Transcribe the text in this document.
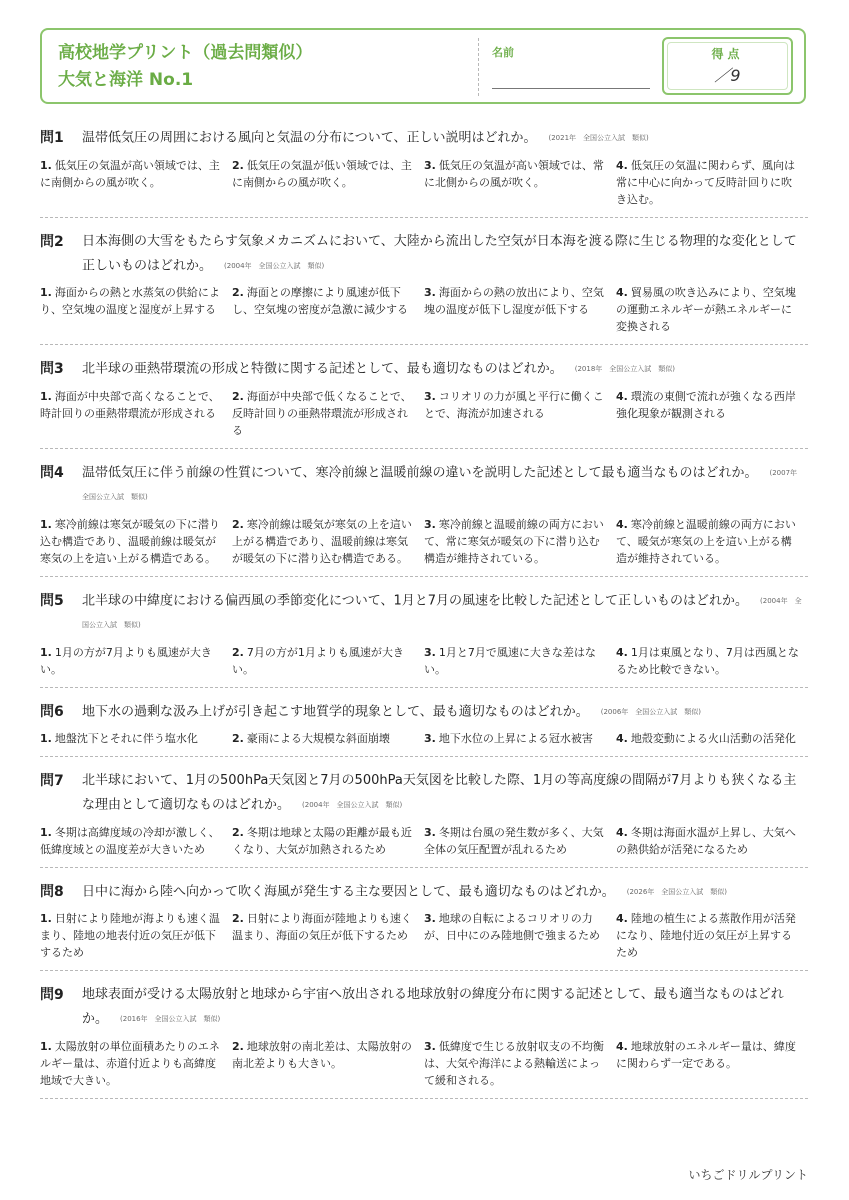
高校地学プリント（過去問類似）
大気と海洋 No.1
名前	得点
／9
問1	温帯低気圧の周囲における風向と気温の分布について、正しい説明はどれか。 (2021年　全国公立入試　類似)
1. 低気圧の気温が高い領域では、主に南側からの風が吹く。
2. 低気圧の気温が低い領域では、主に南側からの風が吹く。
3. 低気圧の気温が高い領域では、常に北側からの風が吹く。
4. 低気圧の気温に関わらず、風向は常に中心に向かって反時計回りに吹き込む。
問2	日本海側の大雪をもたらす気象メカニズムにおいて、大陸から流出した空気が日本海を渡る際に生じる物理的な変化として正しいものはどれか。 (2004年　全国公立入試　類似)
1. 海面からの熱と水蒸気の供給により、空気塊の温度と湿度が上昇する
2. 海面との摩擦により風速が低下し、空気塊の密度が急激に減少する
3. 海面からの熱の放出により、空気塊の温度が低下し湿度が低下する
4. 貿易風の吹き込みにより、空気塊の運動エネルギーが熱エネルギーに変換される
問3	北半球の亜熱帯環流の形成と特徴に関する記述として、最も適切なものはどれか。 (2018年　全国公立入試　類似)
1. 海面が中央部で高くなることで、時計回りの亜熱帯環流が形成される
2. 海面が中央部で低くなることで、反時計回りの亜熱帯環流が形成される
3. コリオリの力が風と平行に働くことで、海流が加速される
4. 環流の東側で流れが強くなる西岸強化現象が観測される
問4	温帯低気圧に伴う前線の性質について、寒冷前線と温暖前線の違いを説明した記述として最も適当なものはどれか。 (2007年　全国公立入試　類似)
1. 寒冷前線は寒気が暖気の下に潜り込む構造であり、温暖前線は暖気が寒気の上を這い上がる構造である。
2. 寒冷前線は暖気が寒気の上を這い上がる構造であり、温暖前線は寒気が暖気の下に潜り込む構造である。
3. 寒冷前線と温暖前線の両方において、常に寒気が暖気の下に潜り込む構造が維持されている。
4. 寒冷前線と温暖前線の両方において、暖気が寒気の上を這い上がる構造が維持されている。
問5	北半球の中緯度における偏西風の季節変化について、1月と7月の風速を比較した記述として正しいものはどれか。 (2004年　全国公立入試　類似)
1. 1月の方が7月よりも風速が大きい。
2. 7月の方が1月よりも風速が大きい。
3. 1月と7月で風速に大きな差はない。
4. 1月は東風となり、7月は西風となるため比較できない。
問6	地下水の過剰な汲み上げが引き起こす地質学的現象として、最も適切なものはどれか。 (2006年　全国公立入試　類似)
1. 地盤沈下とそれに伴う塩水化	2. 豪雨による大規模な斜面崩壊	3. 地下水位の上昇による冠水被害	4. 地殻変動による火山活動の活発化
問7	北半球において、1月の500hPa天気図と7月の500hPa天気図を比較した際、1月の等高度線の間隔が7月よりも狭くなる主な理由として適切なものはどれか。 (2004年　全国公立入試　類似)
1. 冬期は高緯度域の冷却が激しく、低緯度域との温度差が大きいため
2. 冬期は地球と太陽の距離が最も近くなり、大気が加熱されるため
3. 冬期は台風の発生数が多く、大気全体の気圧配置が乱れるため
4. 冬期は海面水温が上昇し、大気への熱供給が活発になるため
問8	日中に海から陸へ向かって吹く海風が発生する主な要因として、最も適切なものはどれか。 (2026年　全国公立入試　類似)
1. 日射により陸地が海よりも速く温まり、陸地の地表付近の気圧が低下するため
2. 日射により海面が陸地よりも速く温まり、海面の気圧が低下するため
3. 地球の自転によるコリオリの力が、日中にのみ陸地側で強まるため
4. 陸地の植生による蒸散作用が活発になり、陸地付近の気圧が上昇するため
問9	地球表面が受ける太陽放射と地球から宇宙へ放出される地球放射の緯度分布に関する記述として、最も適当なものはどれか。 (2016年　全国公立入試　類似)
1. 太陽放射の単位面積あたりのエネルギー量は、赤道付近よりも高緯度地域で大きい。
2. 地球放射の南北差は、太陽放射の南北差よりも大きい。
3. 低緯度で生じる放射収支の不均衡は、大気や海洋による熱輸送によって緩和される。
4. 地球放射のエネルギー量は、緯度に関わらず一定である。
いちごドリルプリント
